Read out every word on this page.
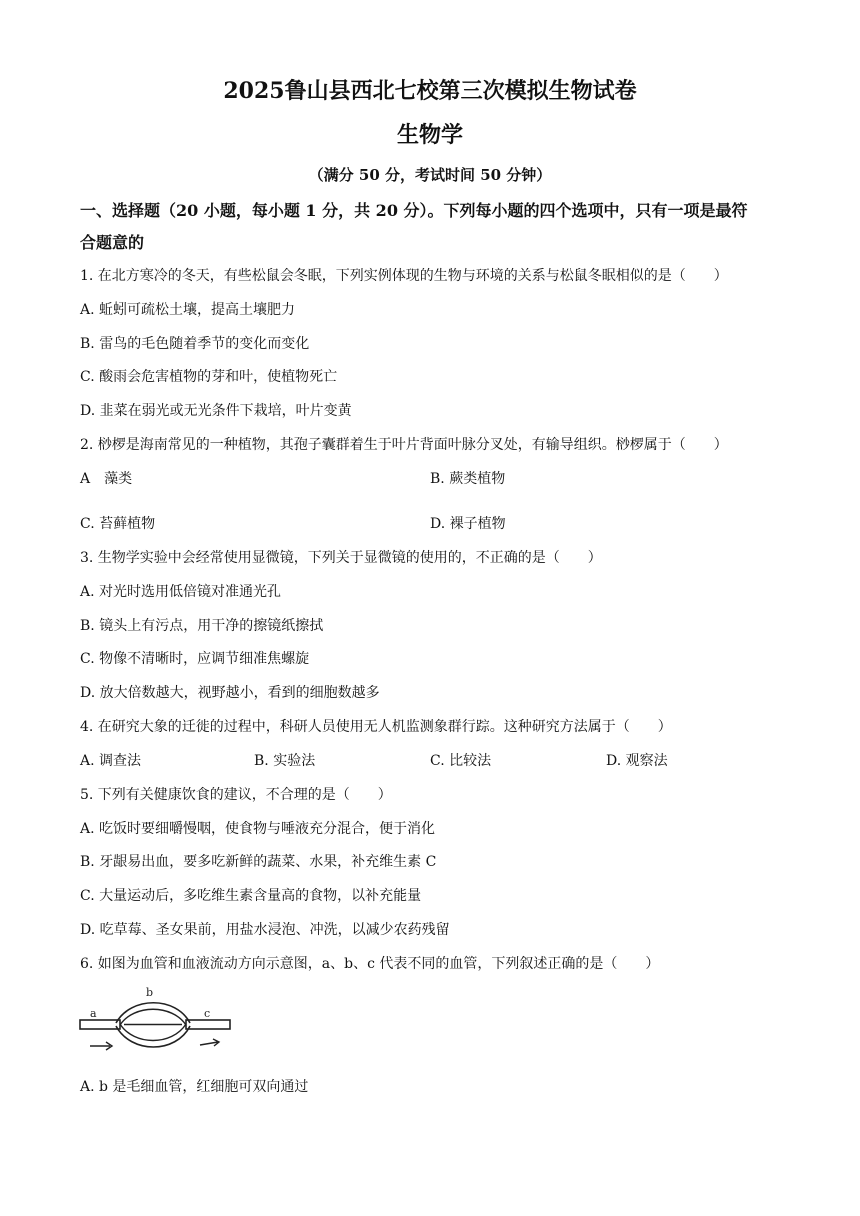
2025鲁山县西北七校第三次模拟生物试卷
生物学
（满分 50 分，考试时间 50 分钟）
一、选择题（20 小题，每小题 1 分，共 20 分）。下列每小题的四个选项中，只有一项是最符
合题意的
1. 在北方寒冷的冬天，有些松鼠会冬眠，下列实例体现的生物与环境的关系与松鼠冬眠相似的是（　　）
A. 蚯蚓可疏松土壤，提高土壤肥力
B. 雷鸟的毛色随着季节的变化而变化
C. 酸雨会危害植物的芽和叶，使植物死亡
D. 韭菜在弱光或无光条件下栽培，叶片变黄
2. 桫椤是海南常见的一种植物，其孢子囊群着生于叶片背面叶脉分叉处，有输导组织。桫椤属于（　　）
A　藻类	B. 蕨类植物
C. 苔藓植物	D. 裸子植物
3. 生物学实验中会经常使用显微镜，下列关于显微镜的使用的，不正确的是（　　）
A. 对光时选用低倍镜对准通光孔
B. 镜头上有污点，用干净的擦镜纸擦拭
C. 物像不清晰时，应调节细准焦螺旋
D. 放大倍数越大，视野越小，看到的细胞数越多
4. 在研究大象的迁徙的过程中，科研人员使用无人机监测象群行踪。这种研究方法属于（　　）
A. 调查法	B. 实验法	C. 比较法	D. 观察法
5. 下列有关健康饮食的建议，不合理的是（　　）
A. 吃饭时要细嚼慢咽，使食物与唾液充分混合，便于消化
B. 牙龈易出血，要多吃新鲜的蔬菜、水果，补充维生素 C
C. 大量运动后，多吃维生素含量高的食物，以补充能量
D. 吃草莓、圣女果前，用盐水浸泡、冲洗，以减少农药残留
6. 如图为血管和血液流动方向示意图，a、b、c 代表不同的血管，下列叙述正确的是（　　）
a
b
c
A. b 是毛细血管，红细胞可双向通过
